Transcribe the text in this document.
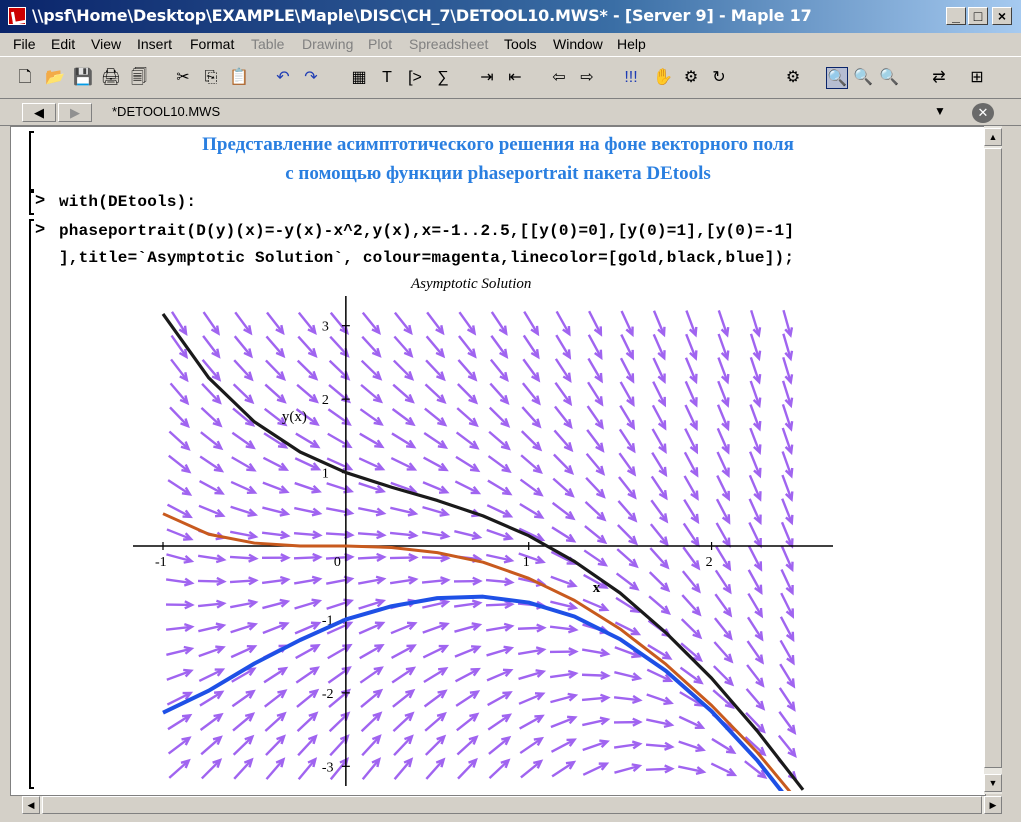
\\psf\Home\Desktop\EXAMPLE\Maple\DISC\CH_7\DETOOL10.MWS* - [Server 9] - Maple 17	_ □	×
File Edit View Insert Format Table Drawing Plot Spreadsheet Tools Window Help
🗋 📂 💾 🖨 🗐 ✂ ⎘ 📋 ↶ ↷ ▦ T	[> ∑	⇥ ⇤ ⇦ ⇨ !!! ✋ ⚙ ↻	⚙ 🔍 🔍 🔍 ⇄ ⊞
◀	▶	*DETOOL10.MWS	▼	✕
Представление асимптотического решения на фоне векторного поля
с помощью функции phaseportrait пакета DEtools
> with(DEtools):
> phaseportrait(D(y)(x)=-y(x)-x^2,y(x),x=-1..2.5,[[y(0)=0],[y(0)=1],[y(0)=-1]
],title=`Asymptotic Solution`, colour=magenta,linecolor=[gold,black,blue]);
Asymptotic Solution
-1	0	1	2
-3
-2
-1
1
2
3
x
y(x)
▲
▼
◀	▶
